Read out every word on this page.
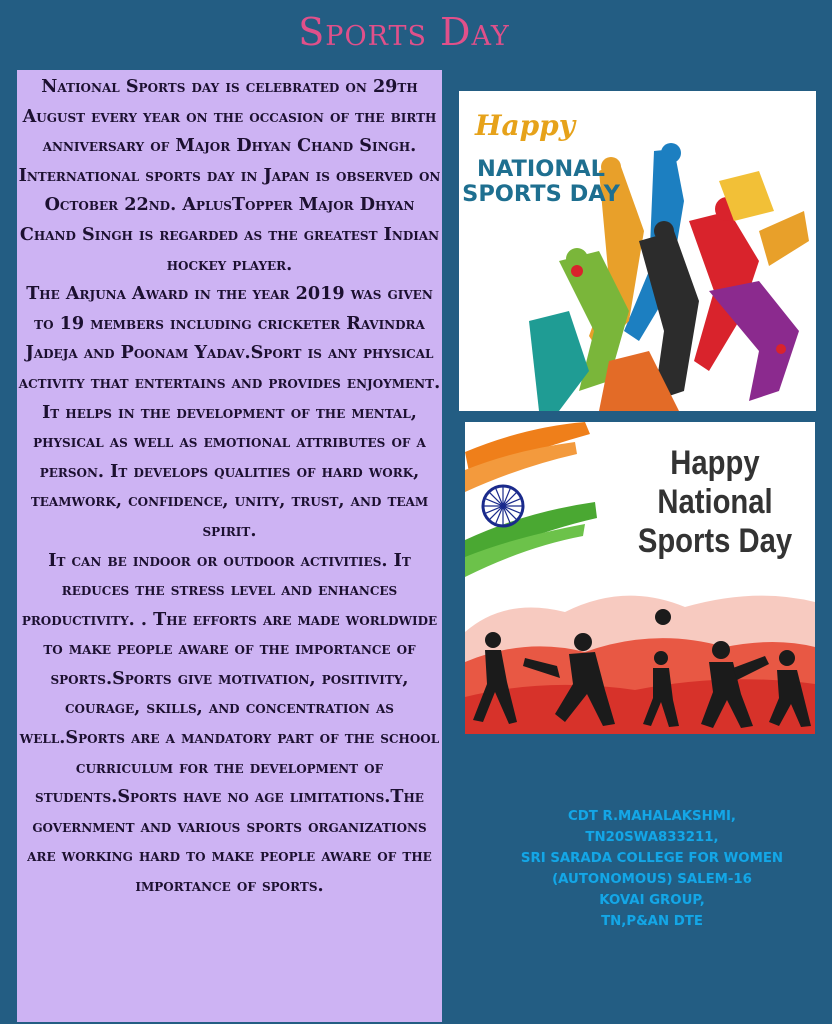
Sports Day

National Sports day is celebrated on 29th August every year on the occasion of the birth anniversary of Major Dhyan Chand Singh. International sports day in Japan is observed on October 22nd. AplusTopper Major Dhyan Chand Singh is regarded as the greatest Indian hockey player.

The Arjuna Award in the year 2019 was given to 19 members including cricketer Ravindra Jadeja and Poonam Yadav.Sport is any physical activity that entertains and provides enjoyment. It helps in the development of the mental, physical as well as emotional attributes of a person. It develops qualities of hard work, teamwork, confidence, unity, trust, and team spirit.

It can be indoor or outdoor activities. It reduces the stress level and enhances productivity. . The efforts are made worldwide to make people aware of the importance of sports.Sports give motivation, positivity, courage, skills, and concentration as well.Sports are a mandatory part of the school curriculum for the development of students.Sports have no age limitations.The government and various sports organizations are working hard to make people aware of the importance of sports.

Happy
NATIONAL
SPORTS DAY
Happy
National
Sports Day
CDT R.MAHALAKSHMI,
TN20SWA833211,
SRI SARADA COLLEGE FOR WOMEN
(AUTONOMOUS) SALEM-16
KOVAI GROUP,
TN,P&AN DTE
